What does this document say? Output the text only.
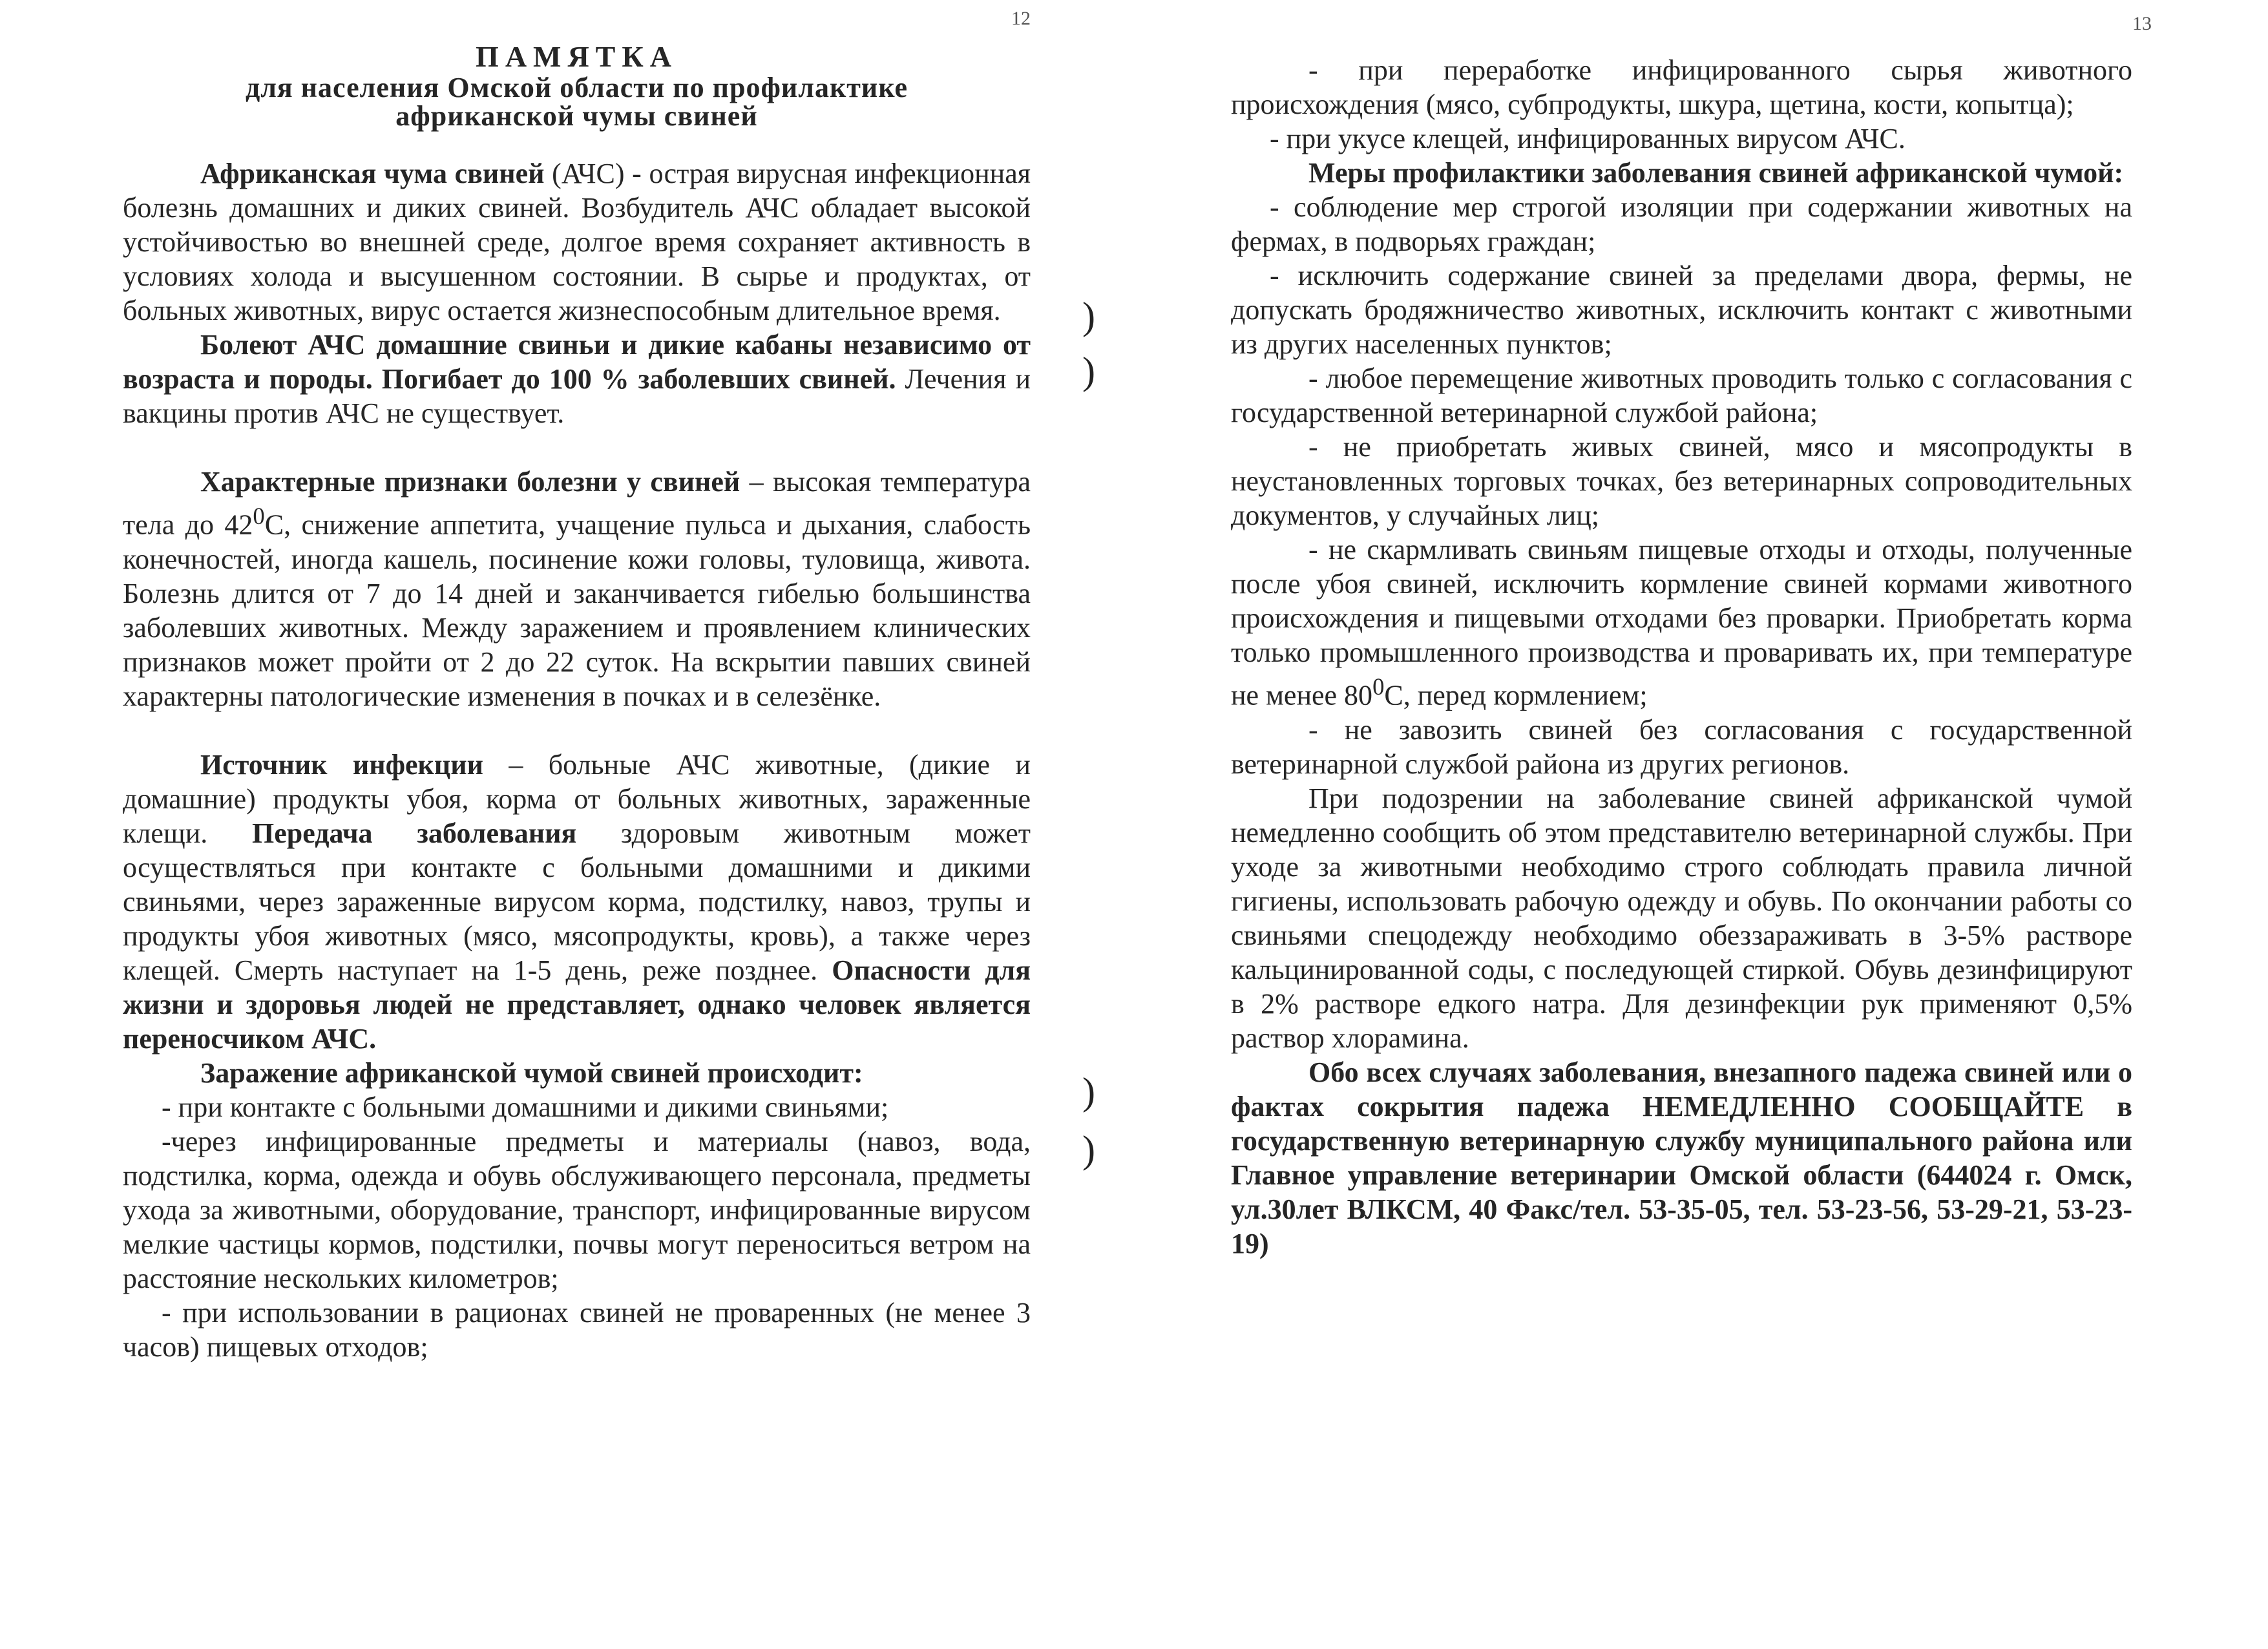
12
ПАМЯТКА
для населения Омской области по профилактике
африканской чумы свиней

Африканская чума свиней (АЧС) - острая вирусная инфекционная болезнь домашних и диких свиней. Возбудитель АЧС обладает высокой устойчивостью во внешней среде, долгое время сохраняет активность в условиях холода и высушенном состоянии. В сырье и продуктах, от больных животных, вирус остается жизнеспособным длительное время.

Болеют АЧС домашние свиньи и дикие кабаны независимо от возраста и породы. Погибает до 100 % заболевших свиней. Лечения и вакцины против АЧС не существует.

Характерные признаки болезни у свиней – высокая температура тела до $42^0С$, снижение аппетита, учащение пульса и дыхания, слабость конечностей, иногда кашель, посинение кожи головы, туловища, живота. Болезнь длится от 7 до 14 дней и заканчивается гибелью большинства заболевших животных. Между заражением и проявлением клинических признаков может пройти от 2 до 22 суток. На вскрытии павших свиней характерны патологические изменения в почках и в селезёнке.

Источник инфекции – больные АЧС животные, (дикие и домашние) продукты убоя, корма от больных животных, зараженные клещи. Передача заболевания здоровым животным может осуществляться при контакте с больными домашними и дикими свиньями, через зараженные вирусом корма, подстилку, навоз, трупы и продукты убоя животных (мясо, мясопродукты, кровь), а также через клещей. Смерть наступает на 1-5 день, реже позднее. Опасности для жизни и здоровья людей не представляет, однако человек является переносчиком АЧС.

Заражение африканской чумой свиней происходит:

- при контакте с больными домашними и дикими свиньями;

-через инфицированные предметы и материалы (навоз, вода, подстилка, корма, одежда и обувь обслуживающего персонала, предметы ухода за животными, оборудование, транспорт, инфицированные вирусом мелкие частицы кормов, подстилки, почвы могут переноситься ветром на расстояние нескольких километров;

- при использовании в рационах свиней не проваренных (не менее 3 часов) пищевых отходов;

)
)
)
)
13

- при переработке инфицированного сырья животного происхождения (мясо, субпродукты, шкура, щетина, кости, копытца);

- при укусе клещей, инфицированных вирусом АЧС.

Меры профилактики заболевания свиней африканской чумой:

- соблюдение мер строгой изоляции при содержании животных на фермах, в подворьях граждан;

- исключить содержание свиней за пределами двора, фермы, не допускать бродяжничество животных, исключить контакт с животными из других населенных пунктов;

- любое перемещение животных проводить только с согласования с государственной ветеринарной службой района;

- не приобретать живых свиней, мясо и мясопродукты в неустановленных торговых точках, без ветеринарных сопроводительных документов, у случайных лиц;

- не скармливать свиньям пищевые отходы и отходы, полученные после убоя свиней, исключить кормление свиней кормами животного происхождения и пищевыми отходами без проварки. Приобретать корма только промышленного производства и проваривать их, при температуре не менее $80^0С$, перед кормлением;

- не завозить свиней без согласования с государственной ветеринарной службой района из других регионов.

При подозрении на заболевание свиней африканской чумой немедленно сообщить об этом представителю ветеринарной службы. При уходе за животными необходимо строго соблюдать правила личной гигиены, использовать рабочую одежду и обувь. По окончании работы со свиньями спецодежду необходимо обеззараживать в 3-5% растворе кальцинированной соды, с последующей стиркой. Обувь дезинфицируют в 2% растворе едкого натра. Для дезинфекции рук применяют 0,5% раствор хлорамина.

Обо всех случаях заболевания, внезапного падежа свиней или о фактах сокрытия падежа НЕМЕДЛЕННО СООБЩАЙТЕ в государственную ветеринарную службу муниципального района или Главное управление ветеринарии Омской области (644024 г. Омск, ул.30лет ВЛКСМ, 40 Факс/тел. 53-35-05, тел. 53-23-56, 53-29-21, 53-23-19)
